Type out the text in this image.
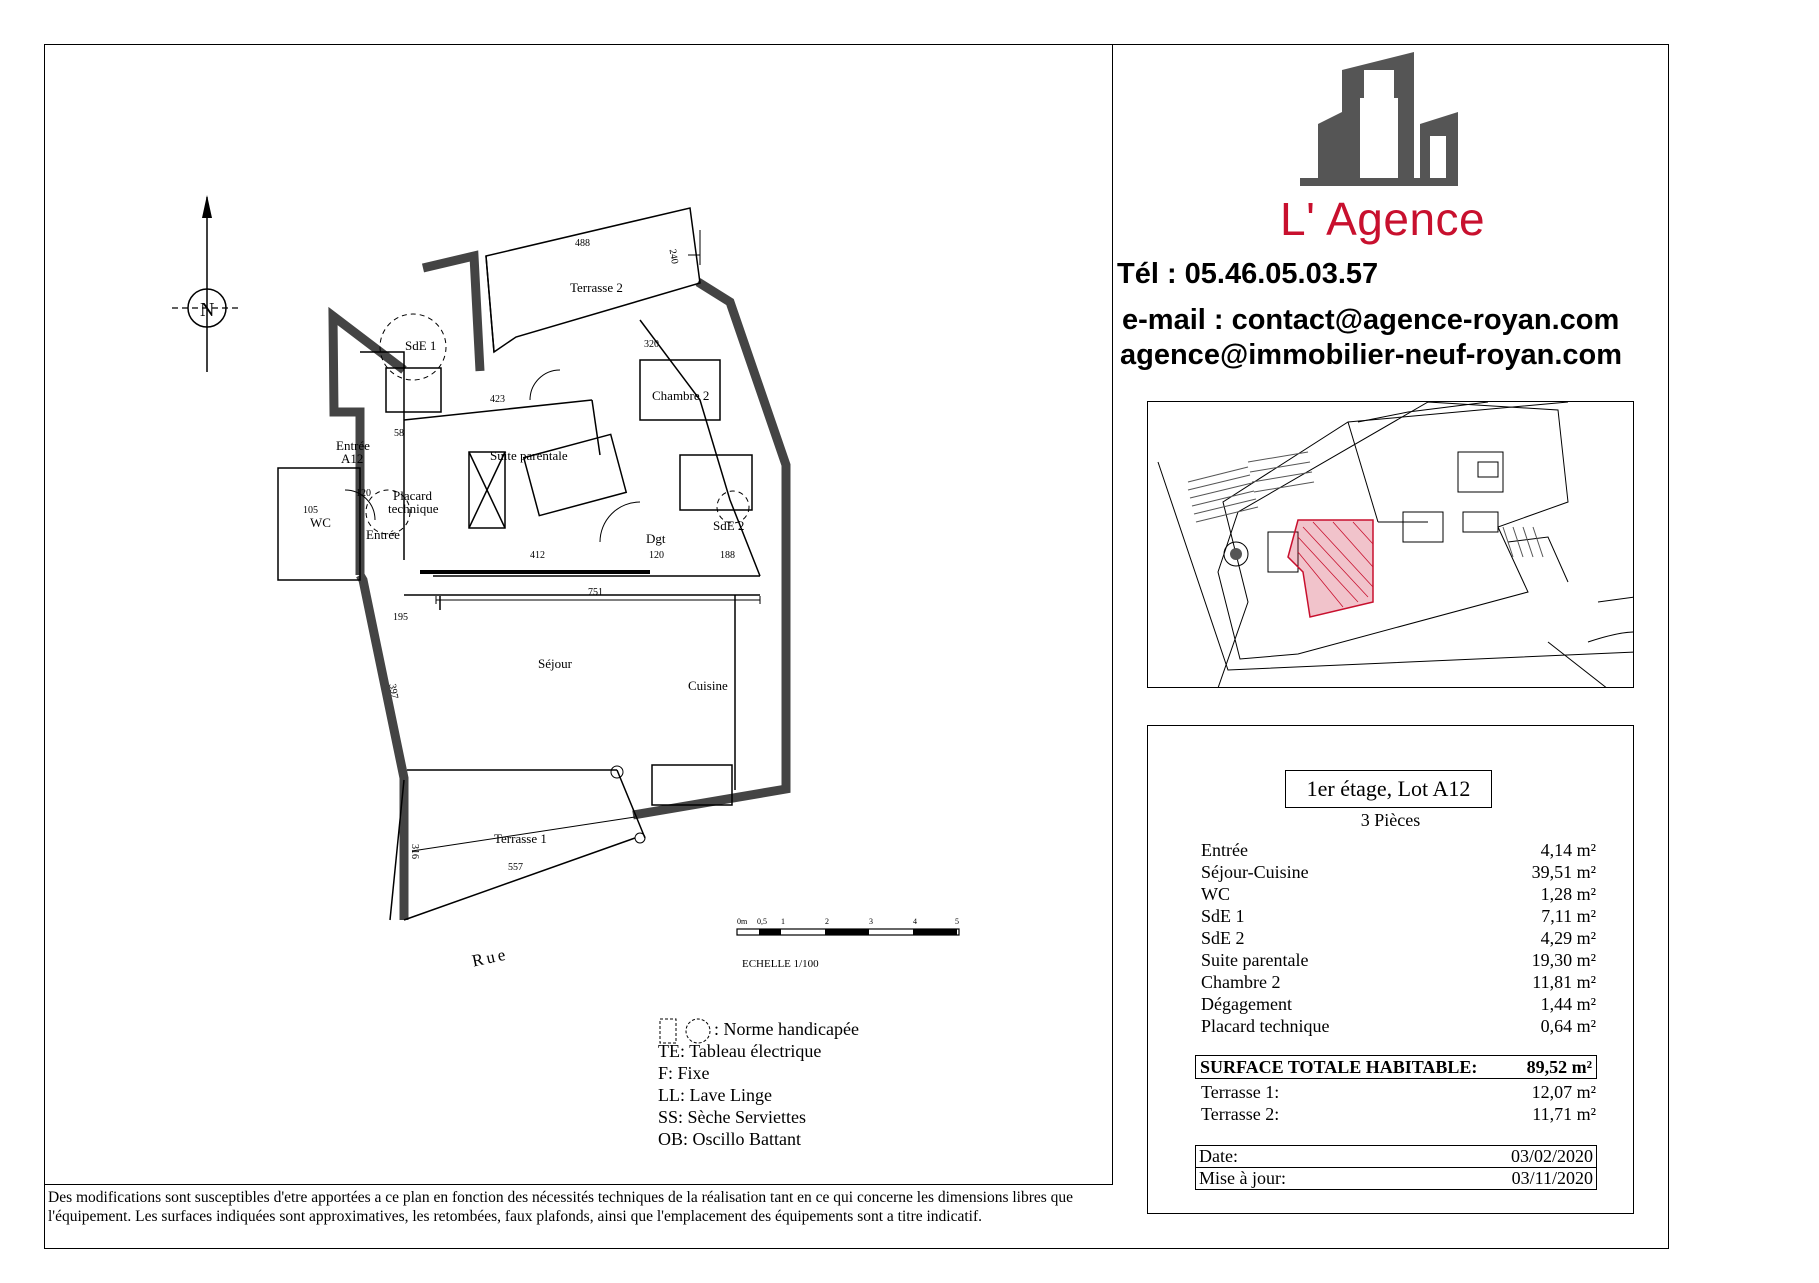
N
Terrasse 2
SdE 1
Chambre 2
Suite parentale
Entrée
A12
Placard
technique
WC
Entrée	Dgt
SdE 2
Séjour
Cuisine
Terrasse 1
Rue
488
240
320
423
58
120
105
412	120	188
751
195
397
316
557
0m 0,5 1	2	3	4	5
ECHELLE 1/100
L' Agence
Tél : 05.46.05.03.57
e-mail : contact@agence-royan.com
agence@immobilier-neuf-royan.com
1er étage, Lot A12
3 Pièces
Entrée	4,14 m²
Séjour-Cuisine	39,51 m²
WC	1,28 m²
SdE 1	7,11 m²
SdE 2	4,29 m²
Suite parentale	19,30 m²
Chambre 2	11,81 m²
Dégagement	1,44 m²
Placard technique	0,64 m²
SURFACE TOTALE HABITABLE:	89,52 m²
Terrasse 1:	12,07 m²
Terrasse 2:	11,71 m²
Date:	03/02/2020
Mise à jour:	03/11/2020
: Norme handicapée
TE: Tableau électrique
F: Fixe
LL: Lave Linge
SS: Sèche Serviettes
OB: Oscillo Battant
Des modifications sont susceptibles d'etre apportées a ce plan en fonction des nécessités techniques de la réalisation tant en ce qui concerne les dimensions libres que l'équipement. Les surfaces indiquées sont approximatives, les retombées, faux plafonds, ainsi que l'emplacement des équipements sont a titre indicatif.
